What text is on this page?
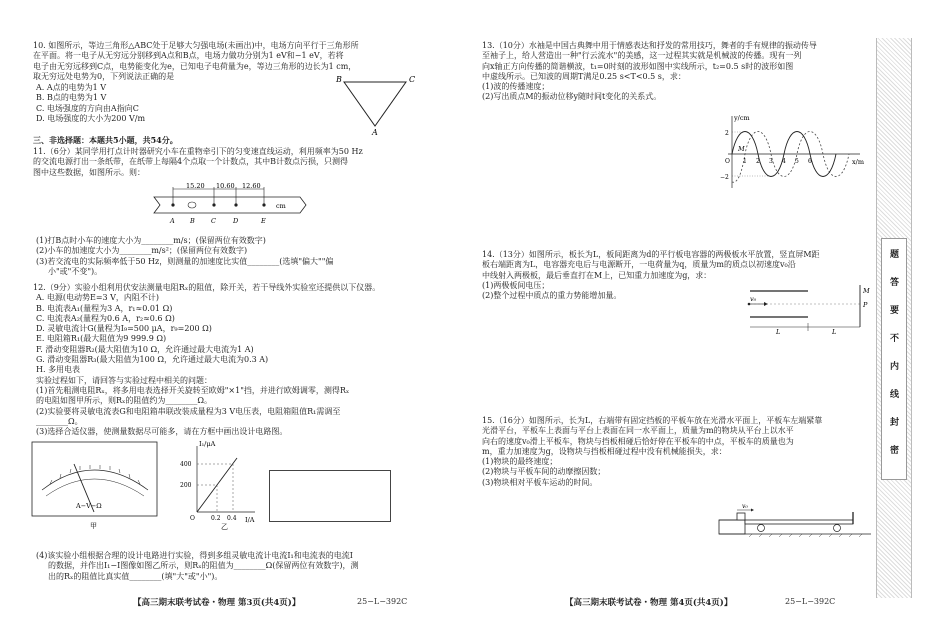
10. 如图所示，等边三角形△ABC处于足够大匀强电场(未画出)中，电场方向平行于三角形所

在平面。将一电子从无穷远分别移到A点和B点，电场力做功分别为1 eV和−1 eV，若将

电子由无穷远移到C点，电势能变化为e，已知电子电荷量为e，等边三角形的边长为1 cm，

取无穷远处电势为0，下列说法正确的是

A. A点的电势为1 V

B. B点的电势为1 V

C. 电场强度的方向由A指向C

D. 电场强度的大小为200 V/m

B	C
A
三、非选择题：本题共5小题，共54分。

11.（6分）某同学用打点计时器研究小车在重物牵引下的匀变速直线运动，利用频率为50 Hz

的交流电源打出一条纸带，在纸带上每隔4个点取一个计数点，其中B计数点污损，只测得

图中这些数据，如图所示。则：

15.20 10.60 12.60
cm
A B C	D	E

(1)打B点时小车的速度大小为________m/s；(保留两位有效数字)

(2)小车的加速度大小为________m/s²；(保留两位有效数字)

(3)若交流电的实际频率低于50 Hz，则测量的加速度比实值________(选填"偏大""偏

小"或"不变")。

12.（9分）实验小组利用伏安法测量电阻Rₓ的阻值，除开关，若干导线外实验室还提供以下仪器。

A. 电源(电动势E=3 V，内阻不计)

B. 电流表A₁(量程为3 A，r₁≈0.01 Ω)

C. 电流表A₂(量程为0.6 A，r₂≈0.6 Ω)

D. 灵敏电流计G(量程为I₉=500 μA，r₉=200 Ω)

E. 电阻箱R₁(最大阻值为9 999.9 Ω)

F. 滑动变阻器R₂(最大阻值为10 Ω，允许通过最大电流为1 A)

G. 滑动变阻器R₃(最大阻值为100 Ω，允许通过最大电流为0.3 A)

H. 多用电表

实验过程如下，请回答与实验过程中相关的问题：

(1)首先粗测电阻Rₓ，将多用电表选择开关旋转至欧姆"×1"挡，并进行欧姆调零，测得Rₓ

的电阻如图甲所示，则Rₓ的阻值约为________Ω。

(2)实验要将灵敏电流表G和电阻箱串联改装成量程为3 V电压表，电阻箱阻值R₁需调至

________Ω。

(3)选择合适仪器，使测量数据尽可能多，请在方框中画出设计电路图。

A−V−Ω
甲
I₁/μA
I/A
400
200
0.2 0.4
O
乙

(4)该实验小组根据合理的设计电路进行实验，得到多组灵敏电流计电流I₁和电流表的电流I

的数据，并作出I₁−I图像如图乙所示，则Rₓ的阻值为________Ω(保留两位有效数字)，测

出的Rₓ的阻值比真实值________(填"大"或"小")。

【高三期末联考试卷・物理 第3页(共4页)】	25−L−392C

13.（10分）水袖是中国古典舞中用于情感表达和抒发的常用技巧，舞者的手有规律的振动传导

至袖子上，给人营造出一种"行云流水"的美感，这一过程其实就是机械波的传播。现有一列

向x轴正方向传播的简谐横波，t₁=0时刻的波形如图中实线所示，t₂=0.5 s时的波形如图

中虚线所示。已知波的周期T满足0.25 s<T<0.5 s，求：

(1)波的传播速度；

(2)写出质点M的振动位移y随时间t变化的关系式。

y/cm
x/m
2
−2
1 2 3 4 5 6
M
O

14.（13分）如图所示，板长为L，板间距离为d的平行板电容器的两极板水平放置，竖直屏M距

板右端距离为L，电容器充电后与电源断开，一电荷量为q，质量为m的质点以初速度v₀沿

中线射入两极板，最后垂直打在M上，已知重力加速度为g，求：

(1)两极板间电压；

(2)整个过程中质点的重力势能增加量。	v₀
M
P
L	L

15.（16分）如图所示，长为L，右端带有固定挡板的平板车放在光滑水平面上，平板车左端紧靠

光滑平台，平板车上表面与平台上表面在同一水平面上，质量为m的物块从平台上以水平

向右的速度v₀滑上平板车，物块与挡板相碰后恰好停在平板车的中点，平板车的质量也为

m，重力加速度为g，设物块与挡板相碰过程中没有机械能损失，求：

(1)物块的最终速度；

(2)物块与平板车间的动摩擦因数；

(3)物块相对平板车运动的时间。

v₀
【高三期末联考试卷・物理 第4页(共4页)】	25−L−392C
题
答
要
不
内
线
封
密
